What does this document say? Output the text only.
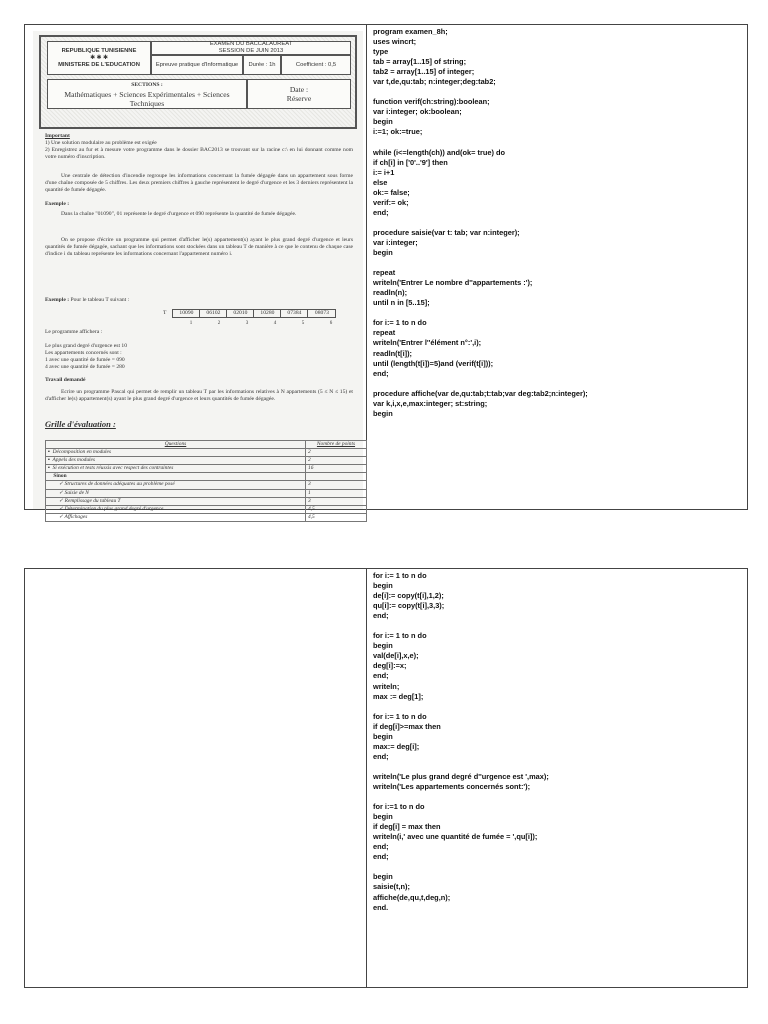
REPUBLIQUE TUNISIENNE
✱ ✱ ✱
MINISTERE DE L'EDUCATION
EXAMEN DU BACCALAUREAT
SESSION DE JUIN 2013
Epreuve pratique d'Informatique Durée : 1h	Coefficient : 0,5
SECTIONS :
Mathématiques + Sciences Expérimentales + Sciences Techniques
Date :
Réserve
Important
1) Une solution modulaire au problème est exigée
2) Enregistrez au fur et à mesure votre programme dans le dossier BAC2013 se trouvant sur la racine c:\ en lui donnant comme nom votre numéro d'inscription.
Une centrale de détection d'incendie regroupe les informations concernant la fumée dégagée dans un appartement sous forme d'une chaîne composée de 5 chiffres. Les deux premiers chiffres à gauche représentent le degré d'urgence et les 3 derniers représentent la quantité de fumée dégagée.
Exemple :
Dans la chaîne "01090", 01 représente le degré d'urgence et 090 représente la quantité de fumée dégagée.
On se propose d'écrire un programme qui permet d'afficher le(s) appartement(s) ayant le plus grand degré d'urgence et leurs quantités de fumée dégagée, sachant que les informations sont stockées dans un tableau T de manière à ce que le contenu de chaque case d'indice i du tableau représente les informations concernant l'appartement numéro i.
Exemple : Pour le tableau T suivant :
T	10090	06102	02010	10280	07384	08073
1	2	3	4	5	6
Le programme affichera :
Le plus grand degré d'urgence est 10
Les appartements concernés sont :
1 avec une quantité de fumée = 090
4 avec une quantité de fumée = 280
Travail demandé
Ecrire un programme Pascal qui permet de remplir un tableau T par les informations relatives à N appartements (5 ≤ N ≤ 15) et d'afficher le(s) appartement(s) ayant le plus grand degré d'urgence et leurs quantités de fumée dégagée.
Grille d'évaluation :
Questions	Nombre de points
▪  Décomposition en modules	2
▪  Appels des modules	2
▪  Si exécution et tests réussis avec respect des contraintes	16
Sinon	
✓ Structures de données adéquates au problème posé	3
✓ Saisie de N	1
✓ Remplissage du tableau T	3
✓ Détermination du plus grand degré d'urgence	4,5
✓ Affichages	4,5
program examen_8h;
uses wincrt;
type
tab = array[1..15] of string;
tab2 = array[1..15] of integer;
var t,de,qu:tab; n:integer;deg:tab2;

function verif(ch:string):boolean;
var i:integer; ok:boolean;
begin
i:=1; ok:=true;

while (i<=length(ch)) and(ok= true) do
if ch[i] in ['0'..'9'] then
i:= i+1
else
ok:= false;
verif:= ok;
end;

procedure saisie(var t: tab; var n:integer);
var i:integer;
begin

repeat
writeln('Entrer Le nombre d''appartements :');
readln(n);
until n in [5..15];

for i:= 1 to n do
repeat
writeln('Entrer l''élément n°:',i);
readln(t[i]);
until (length(t[i])=5)and (verif(t[i]));
end;

procedure affiche(var de,qu:tab;t:tab;var deg:tab2;n:integer);
var k,i,x,e,max:integer; st:string;
begin
for i:= 1 to n do
begin
de[i]:= copy(t[i],1,2);
qu[i]:= copy(t[i],3,3);
end;

for i:= 1 to n do
begin
val(de[i],x,e);
deg[i]:=x;
end;
writeln;
max := deg[1];

for i:= 1 to n do
if deg[i]>=max then
begin
max:= deg[i];
end;

writeln('Le plus grand degré d''urgence est ',max);
writeln('Les appartements concernés sont:');

for i:=1 to n do
begin
if deg[i] = max then
writeln(i,' avec une quantité de fumée = ',qu[i]);
end;
end;

begin
saisie(t,n);
affiche(de,qu,t,deg,n);
end.
